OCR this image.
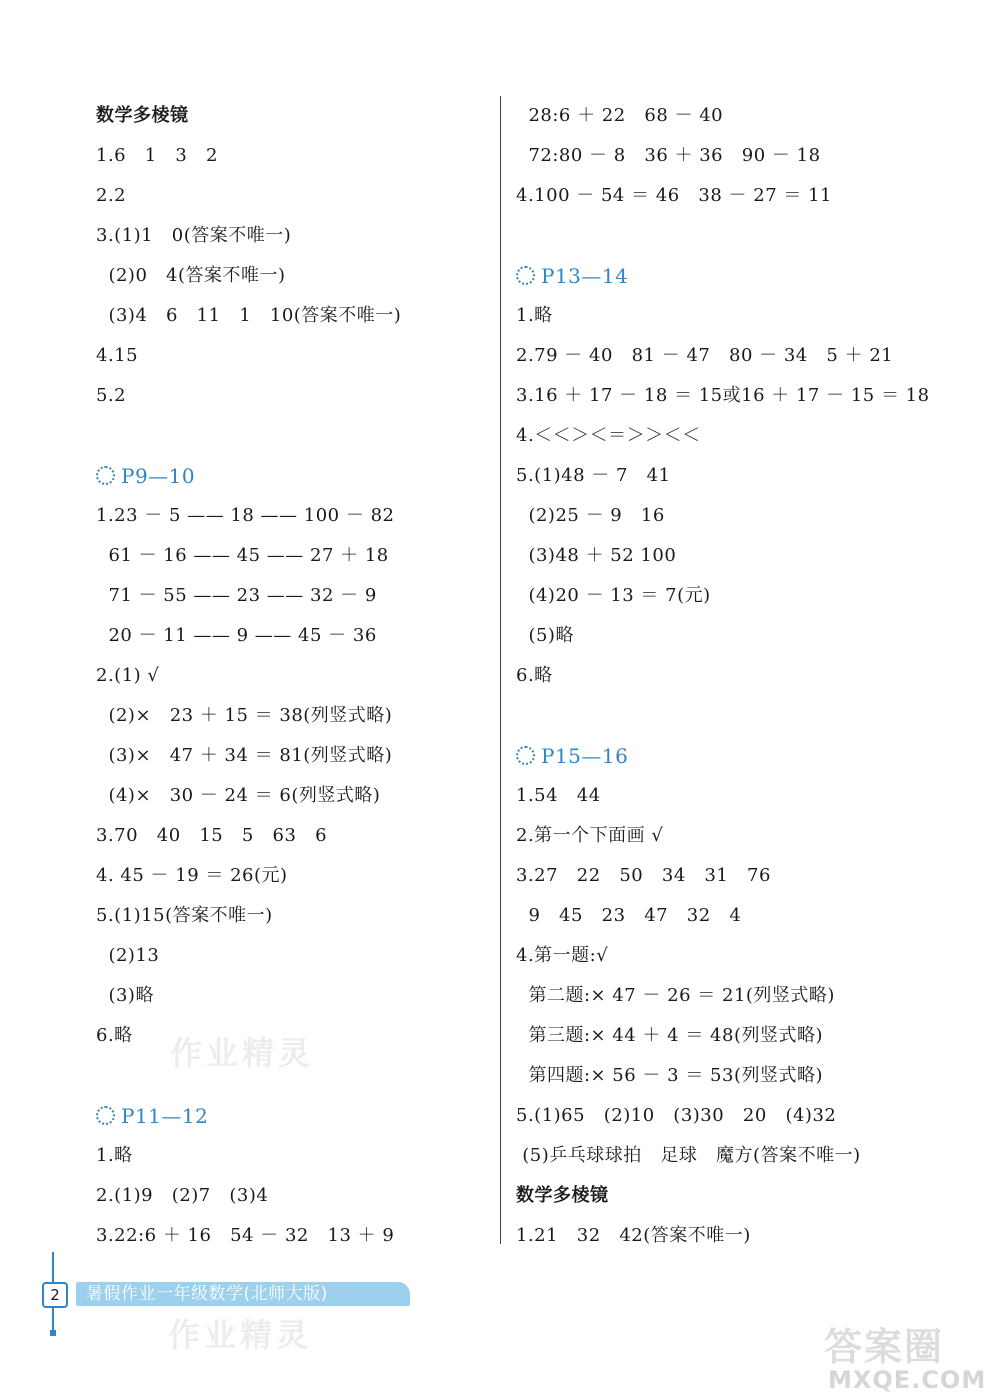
数学多棱镜
1.6   1   3   2
2.2
3.(1)1   0(答案不唯一)
(2)0   4(答案不唯一)
(3)4   6   11   1   10(答案不唯一)
4.15
5.2
P9—10
1.23 － 5 —— 18 —— 100 － 82
61 － 16 —— 45 —— 27 ＋ 18
71 － 55 —— 23 —— 32 － 9
20 － 11 —— 9 —— 45 － 36
2.(1) √
(2)×   23 ＋ 15 ＝ 38(列竖式略)
(3)×   47 ＋ 34 ＝ 81(列竖式略)
(4)×   30 － 24 ＝ 6(列竖式略)
3.70   40   15   5   63   6
4. 45 － 19 ＝ 26(元)
5.(1)15(答案不唯一)
(2)13
(3)略
6.略
P11—12
1.略
2.(1)9   (2)7   (3)4
3.22:6 ＋ 16   54 － 32   13 ＋ 9
28:6 ＋ 22   68 － 40
72:80 － 8   36 ＋ 36   90 － 18
4.100 － 54 ＝ 46   38 － 27 ＝ 11
P13—14
1.略
2.79 － 40   81 － 47   80 － 34   5 ＋ 21
3.16 ＋ 17 － 18 ＝ 15或16 ＋ 17 － 15 ＝ 18
4.＜＜＞＜＝＞＞＜＜
5.(1)48 － 7   41
(2)25 － 9   16
(3)48 ＋ 52 100
(4)20 － 13 ＝ 7(元)
(5)略
6.略
P15—16
1.54   44
2.第一个下面画 √
3.27   22   50   34   31   76
9   45   23   47   32   4
4.第一题:√
第二题:× 47 － 26 ＝ 21(列竖式略)
第三题:× 44 ＋ 4 ＝ 48(列竖式略)
第四题:× 56 － 3 ＝ 53(列竖式略)
5.(1)65   (2)10   (3)30   20   (4)32
(5)乒乓球球拍   足球   魔方(答案不唯一)
数学多棱镜
1.21   32   42(答案不唯一)
作业精灵
作业精灵
2	暑假作业一年级数学(北师大版)
答案圈
MXQE.COM
